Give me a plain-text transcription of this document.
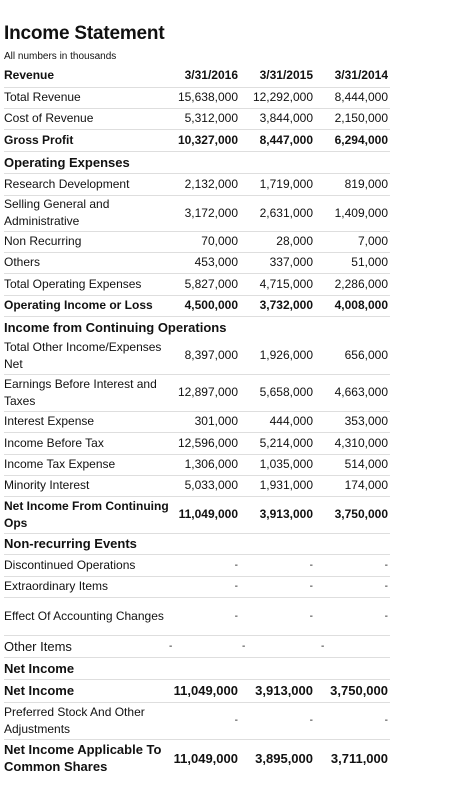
Income Statement
All numbers in thousands
Revenue	3/31/2016	3/31/2015	3/31/2014
Total Revenue	15,638,000	12,292,000	8,444,000
Cost of Revenue	5,312,000	3,844,000	2,150,000
Gross Profit	10,327,000	8,447,000	6,294,000
Operating Expenses			
Research Development	2,132,000	1,719,000	819,000
Selling General and Administrative	3,172,000	2,631,000	1,409,000
Non Recurring	70,000	28,000	7,000
Others	453,000	337,000	51,000
Total Operating Expenses	5,827,000	4,715,000	2,286,000
Operating Income or Loss	4,500,000	3,732,000	4,008,000
Income from Continuing Operations			
Total Other Income/Expenses Net	8,397,000	1,926,000	656,000
Earnings Before Interest and Taxes	12,897,000	5,658,000	4,663,000
Interest Expense	301,000	444,000	353,000
Income Before Tax	12,596,000	5,214,000	4,310,000
Income Tax Expense	1,306,000	1,035,000	514,000
Minority Interest	5,033,000	1,931,000	174,000
Net Income From Continuing Ops	11,049,000	3,913,000	3,750,000
Non-recurring Events			
Discontinued Operations	-	-	-
Extraordinary Items	-	-	-
Effect Of Accounting Changes	-	-	-
Other Items	-	-	-
Net Income			
Net Income	11,049,000	3,913,000	3,750,000
Preferred Stock And Other Adjustments	-	-	-
Net Income Applicable To Common Shares	11,049,000	3,895,000	3,711,000
